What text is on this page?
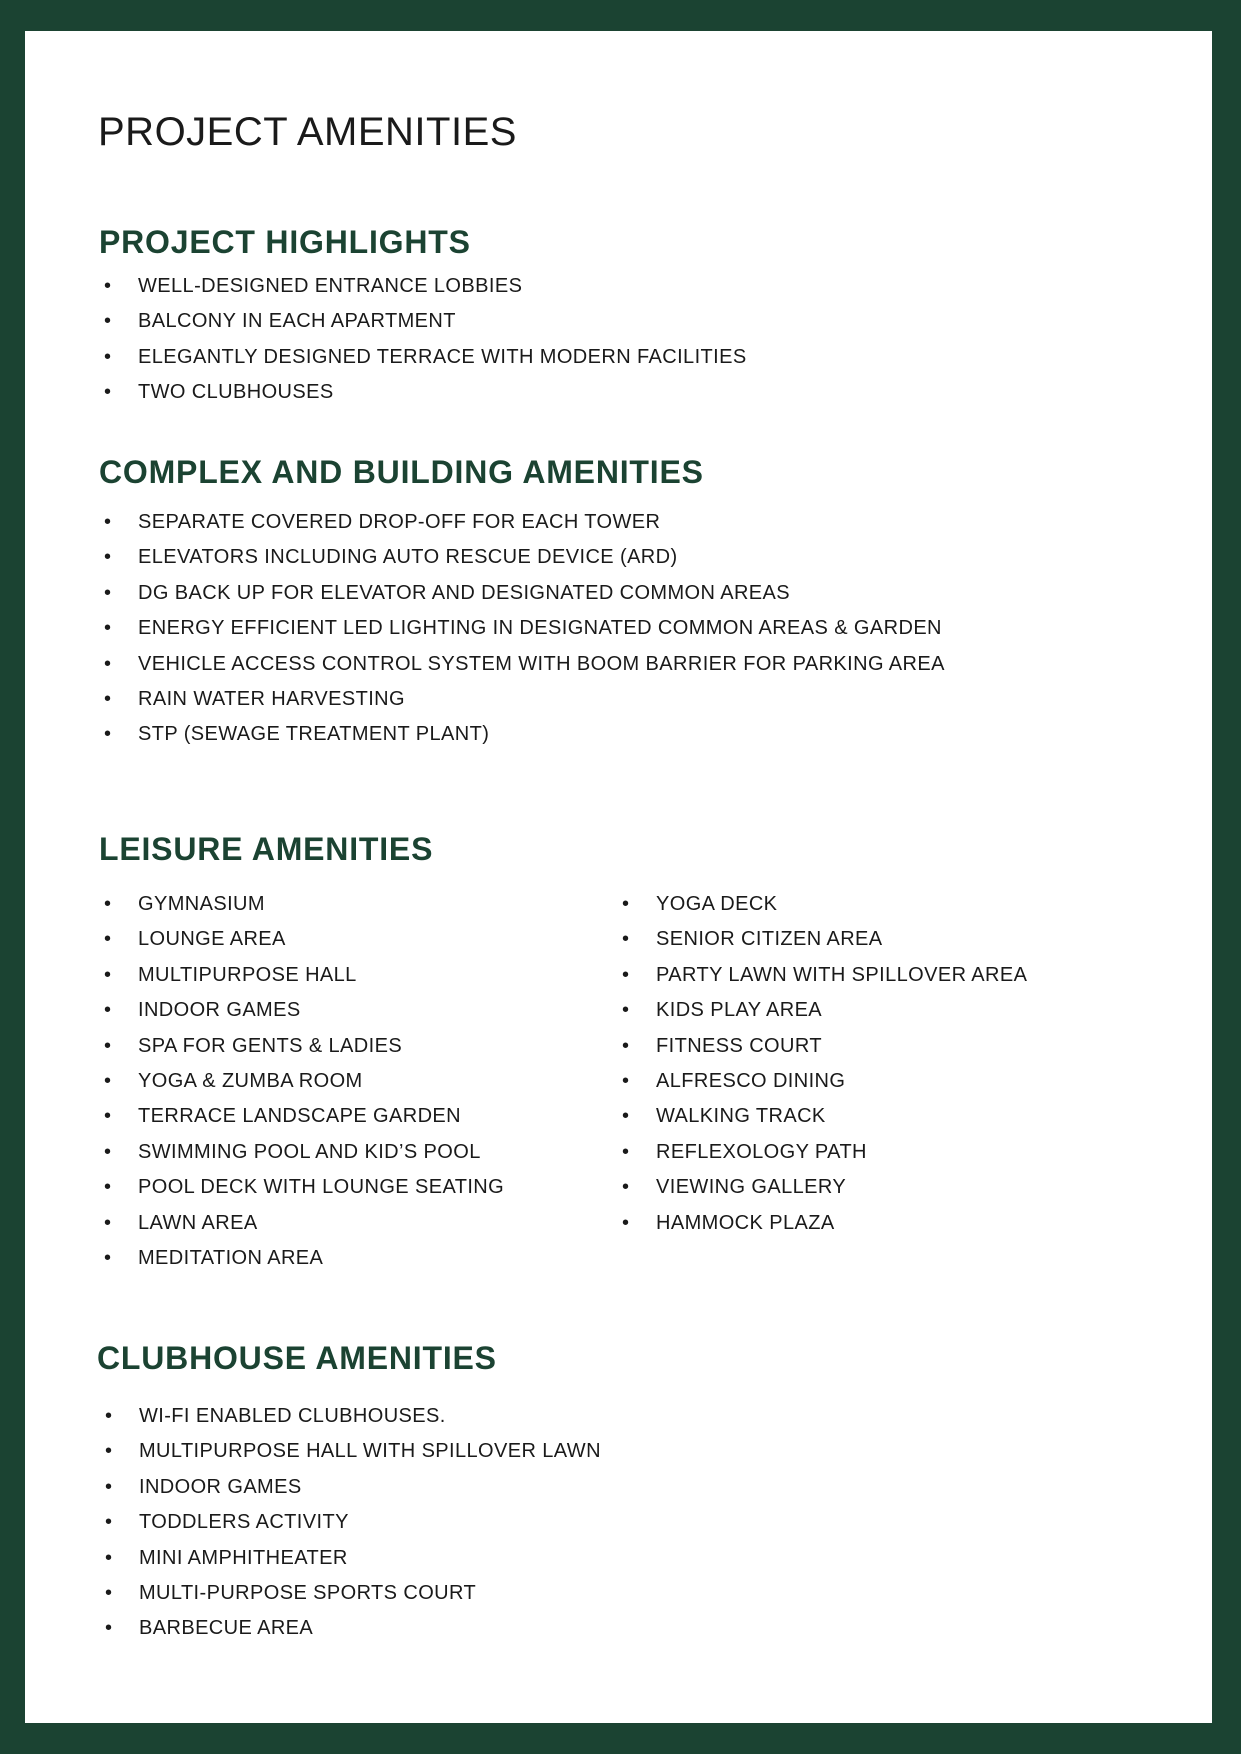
PROJECT AMENITIES
PROJECT HIGHLIGHTS
• WELL-DESIGNED ENTRANCE LOBBIES
• BALCONY IN EACH APARTMENT
• ELEGANTLY DESIGNED TERRACE WITH MODERN FACILITIES
• TWO CLUBHOUSES
COMPLEX AND BUILDING AMENITIES
• SEPARATE COVERED DROP-OFF FOR EACH TOWER
• ELEVATORS INCLUDING AUTO RESCUE DEVICE (ARD)
• DG BACK UP FOR ELEVATOR AND DESIGNATED COMMON AREAS
• ENERGY EFFICIENT LED LIGHTING IN DESIGNATED COMMON AREAS & GARDEN
• VEHICLE ACCESS CONTROL SYSTEM WITH BOOM BARRIER FOR PARKING AREA
• RAIN WATER HARVESTING
• STP (SEWAGE TREATMENT PLANT)
LEISURE AMENITIES
• GYMNASIUM
• LOUNGE AREA
• MULTIPURPOSE HALL
• INDOOR GAMES
• SPA FOR GENTS & LADIES
• YOGA & ZUMBA ROOM
• TERRACE LANDSCAPE GARDEN
• SWIMMING POOL AND KID’S POOL
• POOL DECK WITH LOUNGE SEATING
• LAWN AREA
• MEDITATION AREA
• YOGA DECK
• SENIOR CITIZEN AREA
• PARTY LAWN WITH SPILLOVER AREA
• KIDS PLAY AREA
• FITNESS COURT
• ALFRESCO DINING
• WALKING TRACK
• REFLEXOLOGY PATH
• VIEWING GALLERY
• HAMMOCK PLAZA
CLUBHOUSE AMENITIES
• WI-FI ENABLED CLUBHOUSES.
• MULTIPURPOSE HALL WITH SPILLOVER LAWN
• INDOOR GAMES
• TODDLERS ACTIVITY
• MINI AMPHITHEATER
• MULTI-PURPOSE SPORTS COURT
• BARBECUE AREA
